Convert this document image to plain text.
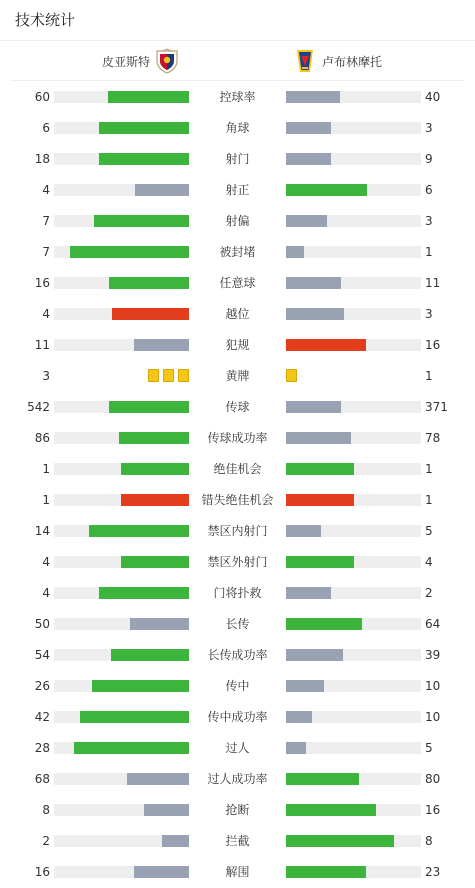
技术统计
皮亚斯特	卢布林摩托
60	控球率	40
6	角球	3
18	射门	9
4	射正	6
7	射偏	3
7	被封堵	1
16	任意球	11
4	越位	3
11	犯规	16
3	黄牌	1
542	传球	371
86	传球成功率	78
1	绝佳机会	1
1	错失绝佳机会	1
14	禁区内射门	5
4	禁区外射门	4
4	门将扑救	2
50	长传	64
54	长传成功率	39
26	传中	10
42	传中成功率	10
28	过人	5
68	过人成功率	80
8	抢断	16
2	拦截	8
16	解围	23
